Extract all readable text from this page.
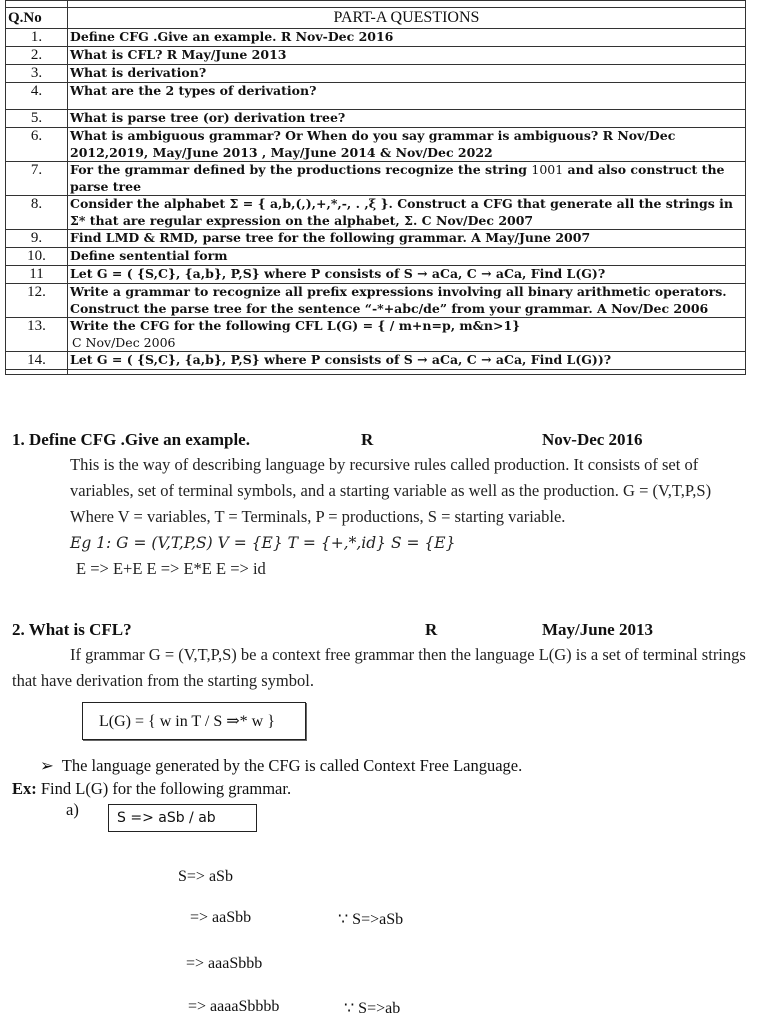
Q.No	PART-A QUESTIONS
1.	Define CFG .Give an example. R Nov-Dec 2016
2.	What is CFL? R May/June 2013
3.	What is derivation?
4.	What are the 2 types of derivation?
5.	What is parse tree (or) derivation tree?
6.	What is ambiguous grammar? Or When do you say grammar is ambiguous? R Nov/Dec 2012,2019, May/June 2013 , May/June 2014 & Nov/Dec 2022
7.	For the grammar defined by the productions recognize the string 1001 and also construct the parse tree
8.	Consider the alphabet Σ = { a,b,(,),+,*,-, . ,ξ }. Construct a CFG that generate all the strings in Σ* that are regular expression on the alphabet, Σ. C Nov/Dec 2007
9.	Find LMD & RMD, parse tree for the following grammar. A May/June 2007
10.	Define sentential form
11	Let G = ( {S,C}, {a,b}, P,S} where P consists of S → aCa, C → aCa, Find L(G)?
12.	Write a grammar to recognize all prefix expressions involving all binary arithmetic operators. Construct the parse tree for the sentence “-*+abc/de” from your grammar. A Nov/Dec 2006
13.	Write the CFG for the following CFL L(G) = { / m+n=p, m&n>1}
C Nov/Dec 2006
14.	Let G = ( {S,C}, {a,b}, P,S} where P consists of S → aCa, C → aCa, Find L(G))?

1. Define CFG .Give an example.	R	Nov-Dec 2016
This is the way of describing language by recursive rules called production. It consists of set of variables, set of terminal symbols, and a starting variable as well as the production. G = (V,T,P,S) Where V = variables, T = Terminals, P = productions, S = starting variable.
Eg 1: G = (V,T,P,S) V = {E} T = {+,*,id} S = {E}
E => E+E E => E*E E => id
2. What is CFL?	R	May/June 2013
If grammar G = (V,T,P,S) be a context free grammar then the language L(G) is a set of terminal strings that have derivation from the starting symbol.
L(G) = { w in T / S ⇒* w }
➢ The language generated by the CFG is called Context Free Language.
Ex: Find L(G) for the following grammar.
a)	S => aSb / ab
S=> aSb
=> aaSbb	∵ S=>aSb
=> aaaSbbb
=> aaaaSbbbb	∵ S=>ab
